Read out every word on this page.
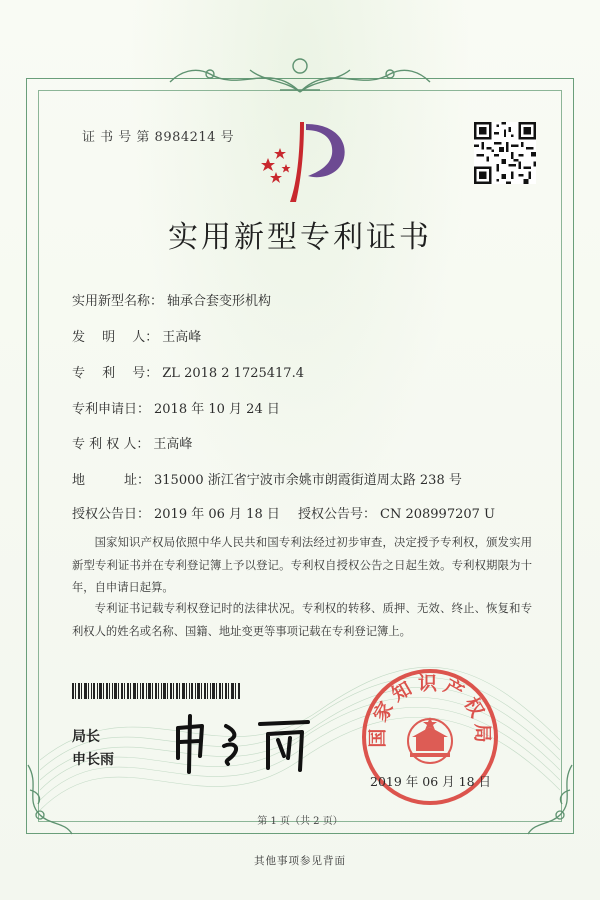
证 书 号 第 8984214 号
实用新型专利证书
实用新型名称： 轴承合套变形机构
发　 明　 人： 王高峰
专　 利　 号： ZL 2018 2 1725417.4
专利申请日： 2018 年 10 月 24 日
专 利 权 人： 王高峰
地　　　址： 315000 浙江省宁波市余姚市朗霞街道周太路 238 号
授权公告日： 2019 年 06 月 18 日 授权公告号： CN 208997207 U
国家知识产权局依照中华人民共和国专利法经过初步审查，决定授予专利权，颁发实用新型专利证书并在专利登记簿上予以登记。专利权自授权公告之日起生效。专利权期限为十年，自申请日起算。
专利证书记载专利权登记时的法律状况。专利权的转移、质押、无效、终止、恢复和专利权人的姓名或名称、国籍、地址变更等事项记载在专利登记簿上。
局长
申长雨
国家知识产权局
2019 年 06 月 18 日
第 1 页（共 2 页）
其他事项参见背面
